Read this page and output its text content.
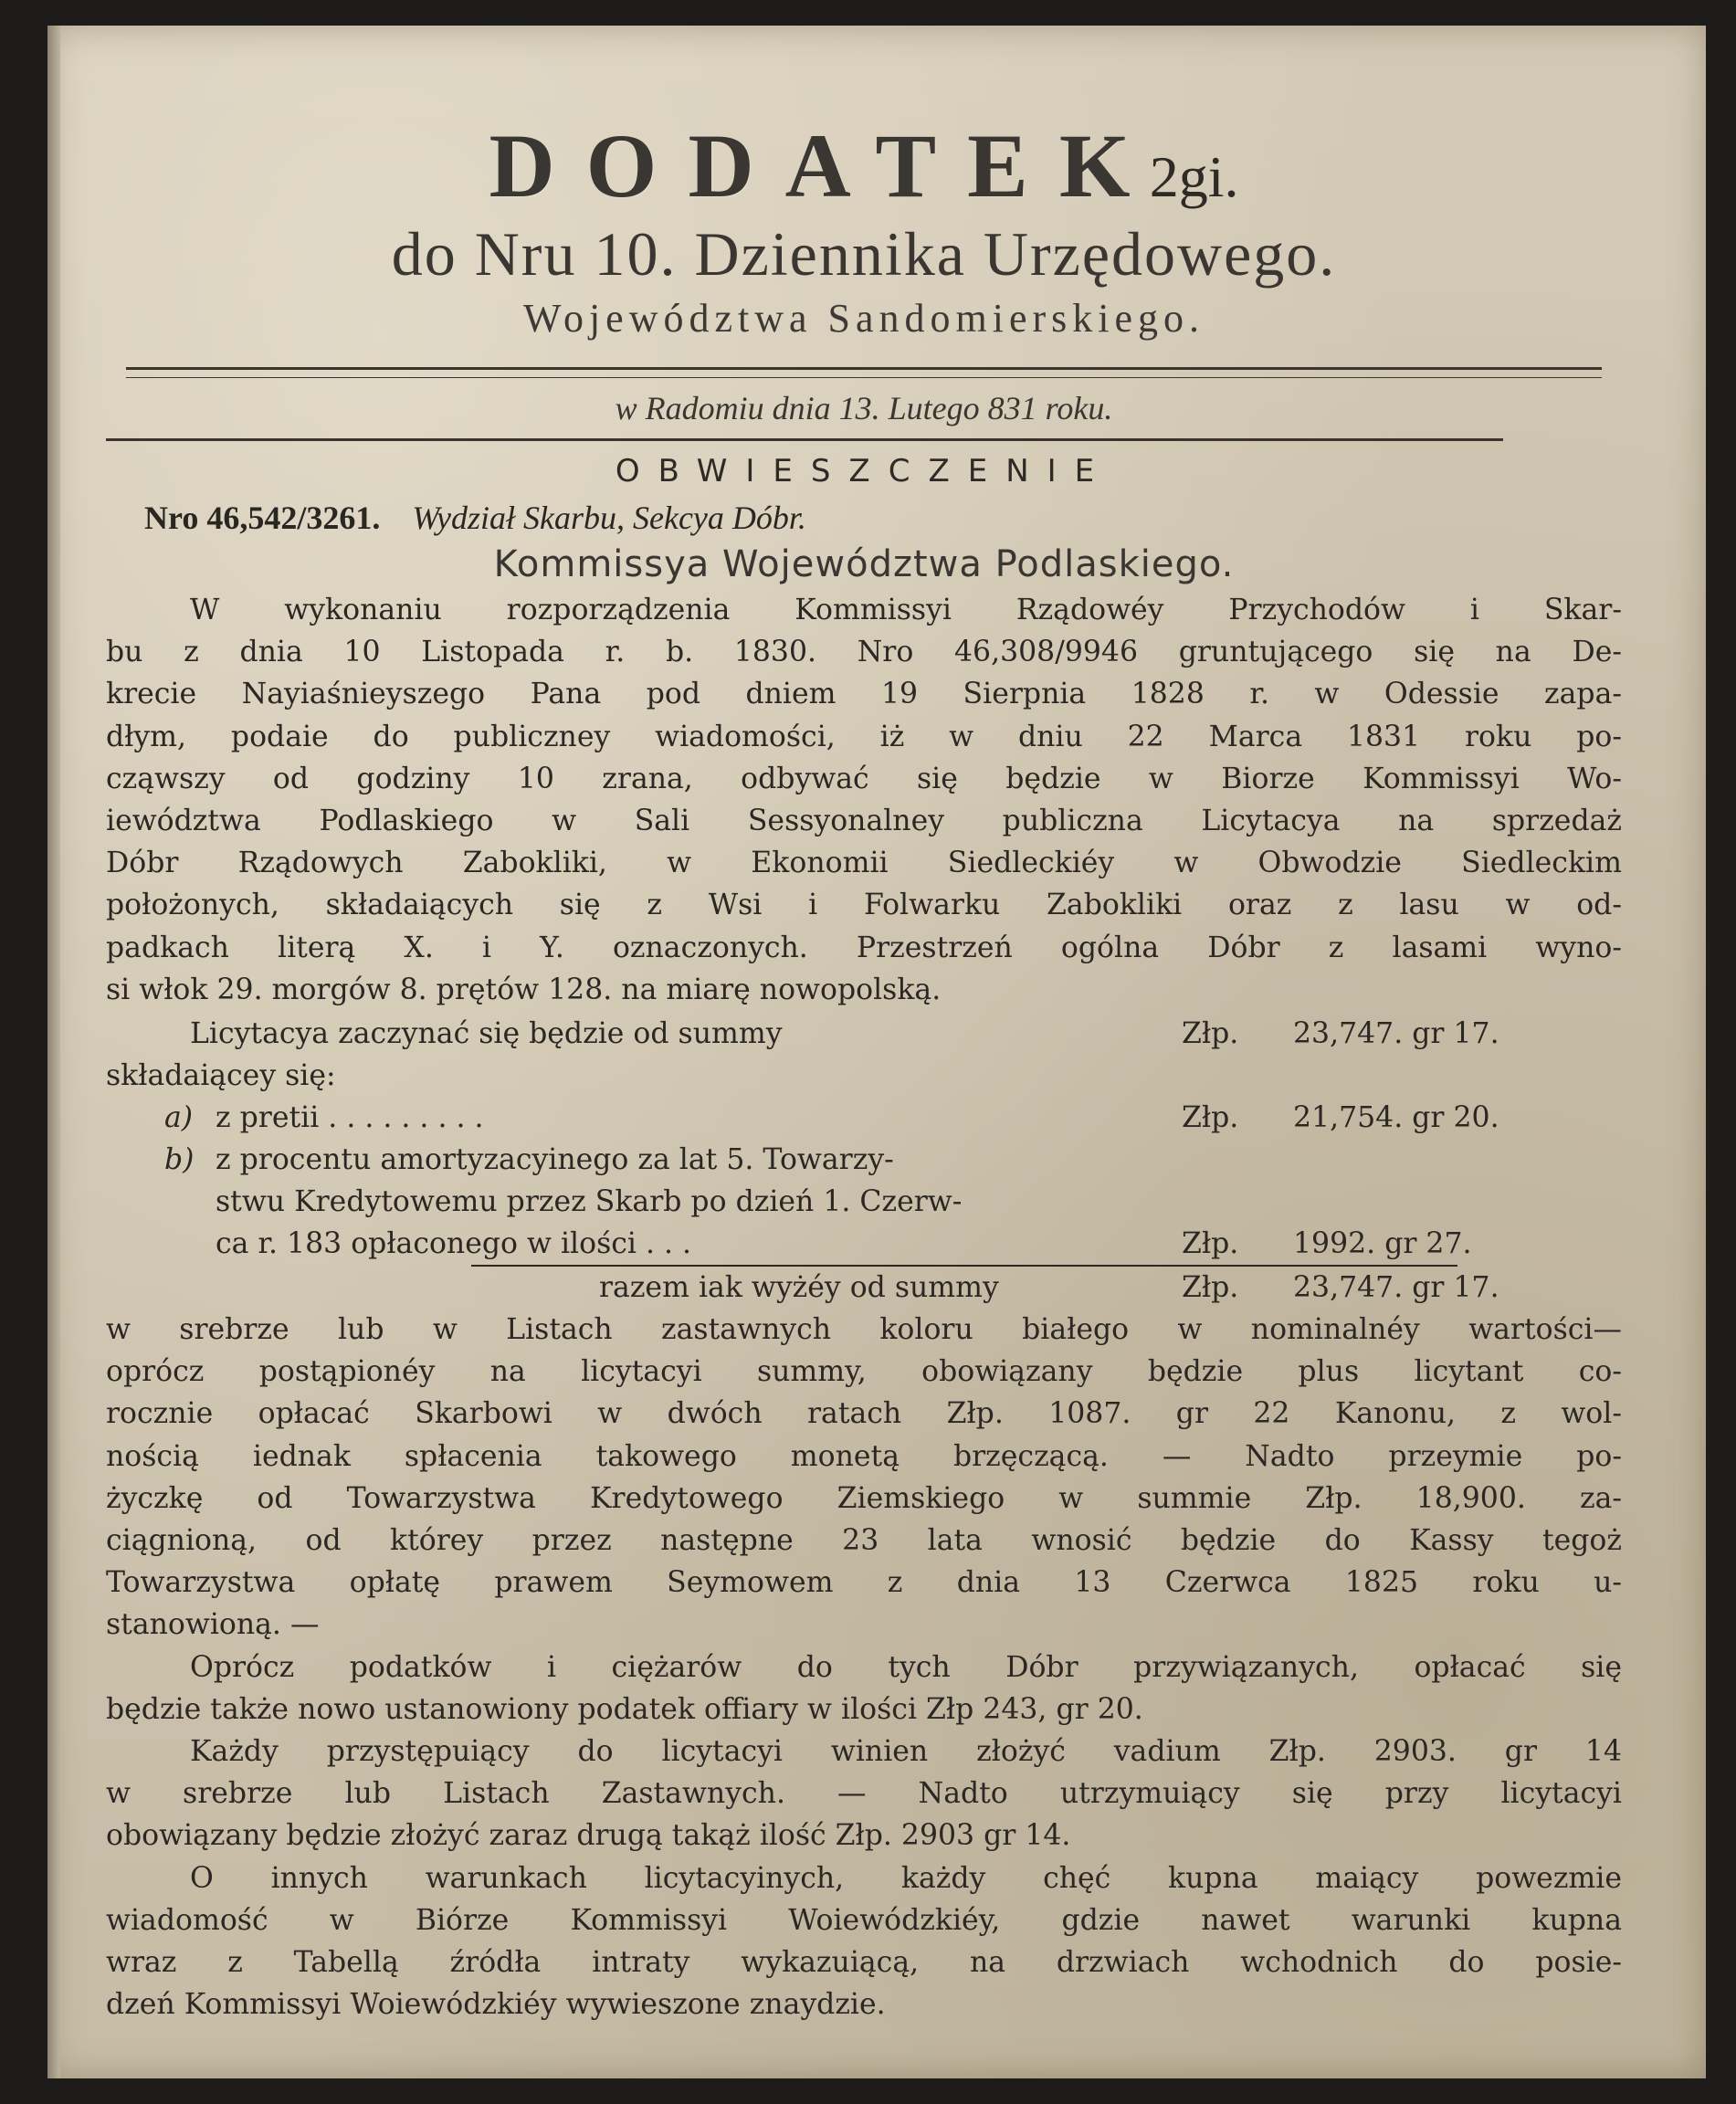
DODATEK 2gi.
do Nru 10. Dziennika Urzędowego.
Województwa Sandomierskiego.
w Radomiu dnia 13. Lutego 831 roku.
OBWIESZCZENIE
Nro 46,542/3261. Wydział Skarbu, Sekcya Dóbr.
Kommissya Województwa Podlaskiego.
W wykonaniu rozporządzenia Kommissyi Rządowéy Przychodów i Skar-
bu z dnia 10 Listopada r. b. 1830. Nro 46,308/9946 gruntującego się na De-
krecie Nayiaśnieyszego Pana pod dniem 19 Sierpnia 1828 r. w Odessie zapa-
dłym, podaie do publiczney wiadomości, iż w dniu 22 Marca 1831 roku po-
cząwszy od godziny 10 zrana, odbywać się będzie w Biorze Kommissyi Wo-
iewództwa Podlaskiego w Sali Sessyonalney publiczna Licytacya na sprzedaż
Dóbr Rządowych Zabokliki, w Ekonomii Siedleckiéy w Obwodzie Siedleckim
położonych, składaiących się z Wsi i Folwarku Zabokliki oraz z lasu w od-
padkach literą X. i Y. oznaczonych. Przestrzeń ogólna Dóbr z lasami wyno-
si włok 29. morgów 8. prętów 128. na miarę nowopolską.
Licytacya zaczynać się będzie od summy	Złp. 23,747. gr 17.
składaiącey się:
a) z pretii . . . . . . . . .	Złp. 21,754. gr 20.
b) z procentu amortyzacyinego za lat 5. Towarzy-
stwu Kredytowemu przez Skarb po dzień 1. Czerw-
ca r. 183 opłaconego w ilości . . .	Złp. 1992. gr 27.
razem iak wyżéy od summy	Złp. 23,747. gr 17.
w srebrze lub w Listach zastawnych koloru białego w nominalnéy wartości—
oprócz postąpionéy na licytacyi summy, obowiązany będzie plus licytant co-
rocznie opłacać Skarbowi w dwóch ratach Złp. 1087. gr 22 Kanonu, z wol-
nością iednak spłacenia takowego monetą brzęczącą. — Nadto przeymie po-
życzkę od Towarzystwa Kredytowego Ziemskiego w summie Złp. 18,900. za-
ciągnioną, od którey przez następne 23 lata wnosić będzie do Kassy tegoż
Towarzystwa opłatę prawem Seymowem z dnia 13 Czerwca 1825 roku u-
stanowioną. —
Oprócz podatków i ciężarów do tych Dóbr przywiązanych, opłacać się
będzie także nowo ustanowiony podatek offiary w ilości Złp 243, gr 20.
Każdy przystępuiący do licytacyi winien złożyć vadium Złp. 2903. gr 14
w srebrze lub Listach Zastawnych. — Nadto utrzymuiący się przy licytacyi
obowiązany będzie złożyć zaraz drugą takąż ilość Złp. 2903 gr 14.
O innych warunkach licytacyinych, każdy chęć kupna maiący powezmie
wiadomość w Biórze Kommissyi Woiewódzkiéy, gdzie nawet warunki kupna
wraz z Tabellą źródła intraty wykazuiącą, na drzwiach wchodnich do posie-
dzeń Kommissyi Woiewódzkiéy wywieszone znaydzie.
